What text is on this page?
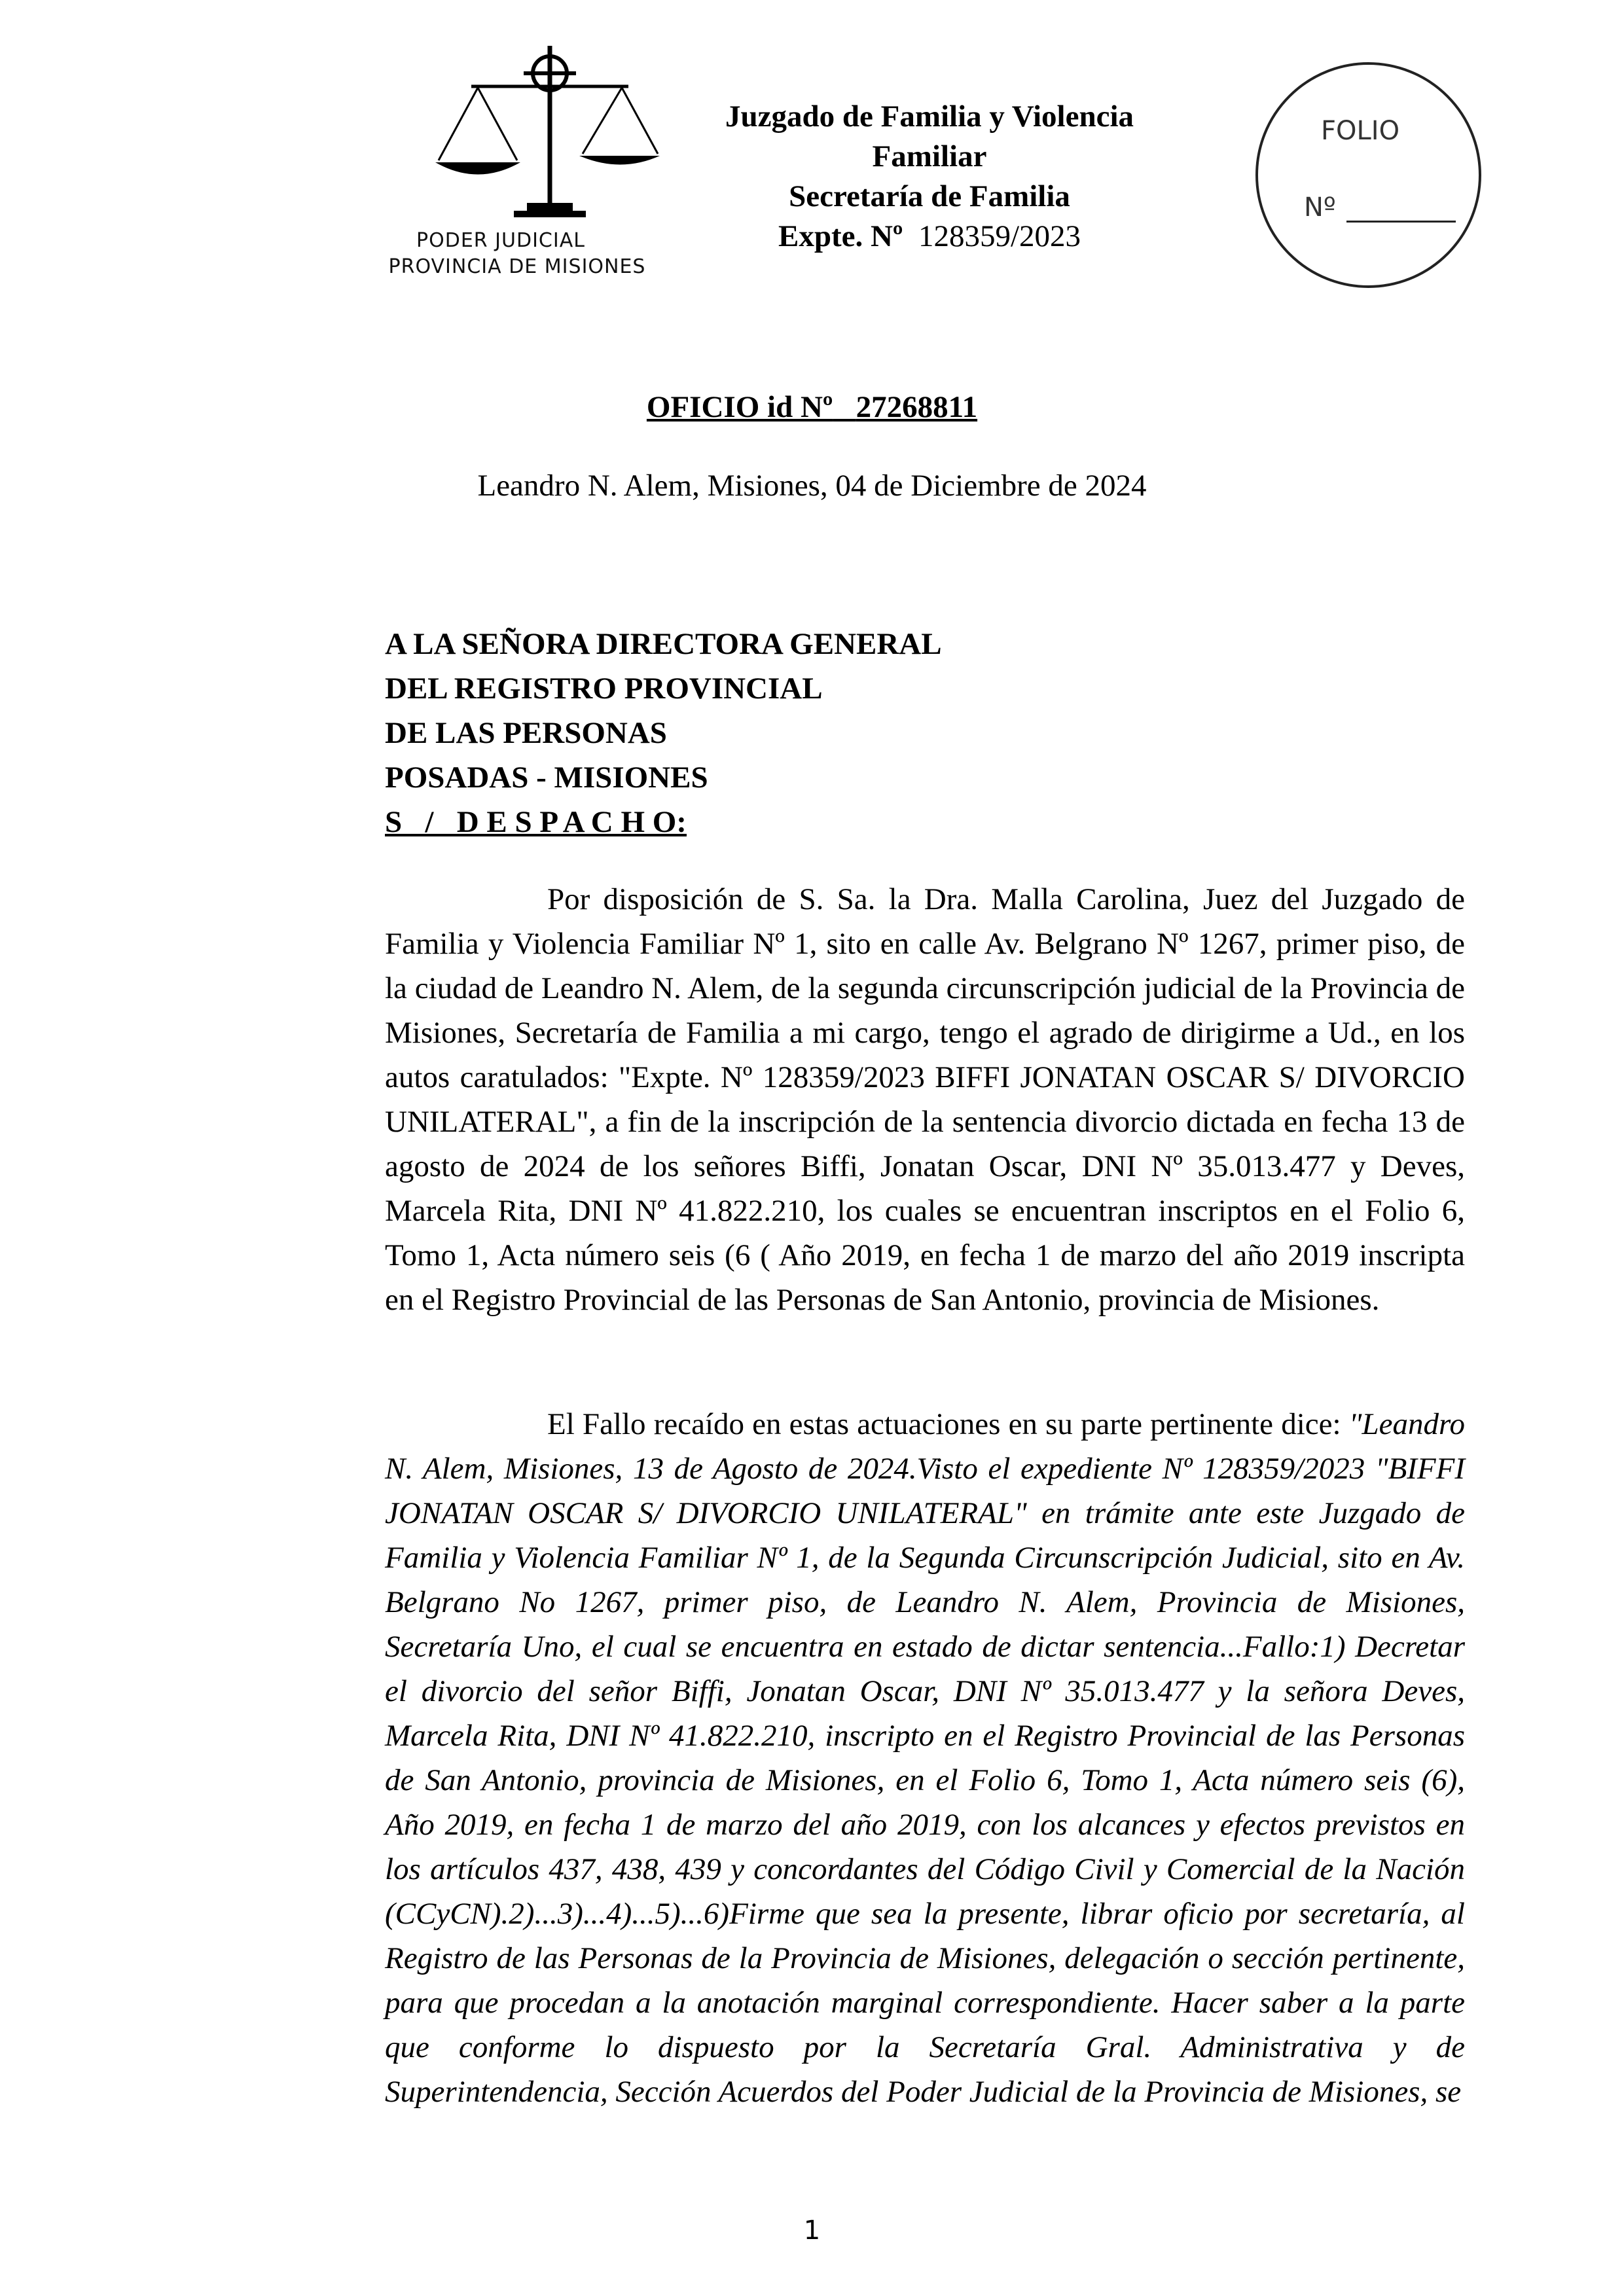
PODER JUDICIAL
PROVINCIA DE MISIONES
Juzgado de Familia y Violencia
Familiar
Secretaría de Familia
Expte. Nº 128359/2023
FOLIO
Nº
OFICIO id Nº 27268811
Leandro N. Alem, Misiones, 04 de Diciembre de 2024
A LA SEÑORA DIRECTORA GENERAL
DEL REGISTRO PROVINCIAL
DE LAS PERSONAS
POSADAS - MISIONES
S   /   D E S P A C H O:
Por disposición de S. Sa. la Dra. Malla Carolina, Juez del Juzgado de Familia y Violencia Familiar Nº 1, sito en calle Av. Belgrano Nº 1267, primer piso, de la ciudad de Leandro N. Alem, de la segunda circunscripción judicial de la Provincia de Misiones, Secretaría de Familia a mi cargo, tengo el agrado de dirigirme a Ud., en los autos caratulados: "Expte. Nº 128359/2023 BIFFI JONATAN OSCAR S/ DIVORCIO UNILATERAL", a fin de la inscripción de la sentencia divorcio dictada en fecha 13 de agosto de 2024 de los señores Biffi, Jonatan Oscar, DNI Nº 35.013.477 y Deves, Marcela Rita, DNI Nº 41.822.210, los cuales se encuentran inscriptos en el Folio 6, Tomo 1, Acta número seis (6 ( Año 2019, en fecha 1 de marzo del año 2019 inscripta en el Registro Provincial de las Personas de San Antonio, provincia de Misiones.
El Fallo recaído en estas actuaciones en su parte pertinente dice: "Leandro N. Alem, Misiones, 13 de Agosto de 2024.Visto el expediente Nº 128359/2023 "BIFFI JONATAN OSCAR S/ DIVORCIO UNILATERAL" en trámite ante este Juzgado de Familia y Violencia Familiar Nº 1, de la Segunda Circunscripción Judicial, sito en Av. Belgrano No 1267, primer piso, de Leandro N. Alem, Provincia de Misiones, Secretaría Uno, el cual se encuentra en estado de dictar sentencia...Fallo:1) Decretar el divorcio del señor Biffi, Jonatan Oscar, DNI Nº 35.013.477 y la señora Deves, Marcela Rita, DNI Nº 41.822.210, inscripto en el Registro Provincial de las Personas de San Antonio, provincia de Misiones, en el Folio 6, Tomo 1, Acta número seis (6), Año 2019, en fecha 1 de marzo del año 2019, con los alcances y efectos previstos en los artículos 437, 438, 439 y concordantes del Código Civil y Comercial de la Nación (CCyCN).2)...3)...4)...5)...6)Firme que sea la presente, librar oficio por secretaría, al Registro de las Personas de la Provincia de Misiones, delegación o sección pertinente, para que procedan a la anotación marginal correspondiente. Hacer saber a la parte que conforme lo dispuesto por la Secretaría Gral. Administrativa y de Superintendencia, Sección Acuerdos del Poder Judicial de la Provincia de Misiones, se
1
